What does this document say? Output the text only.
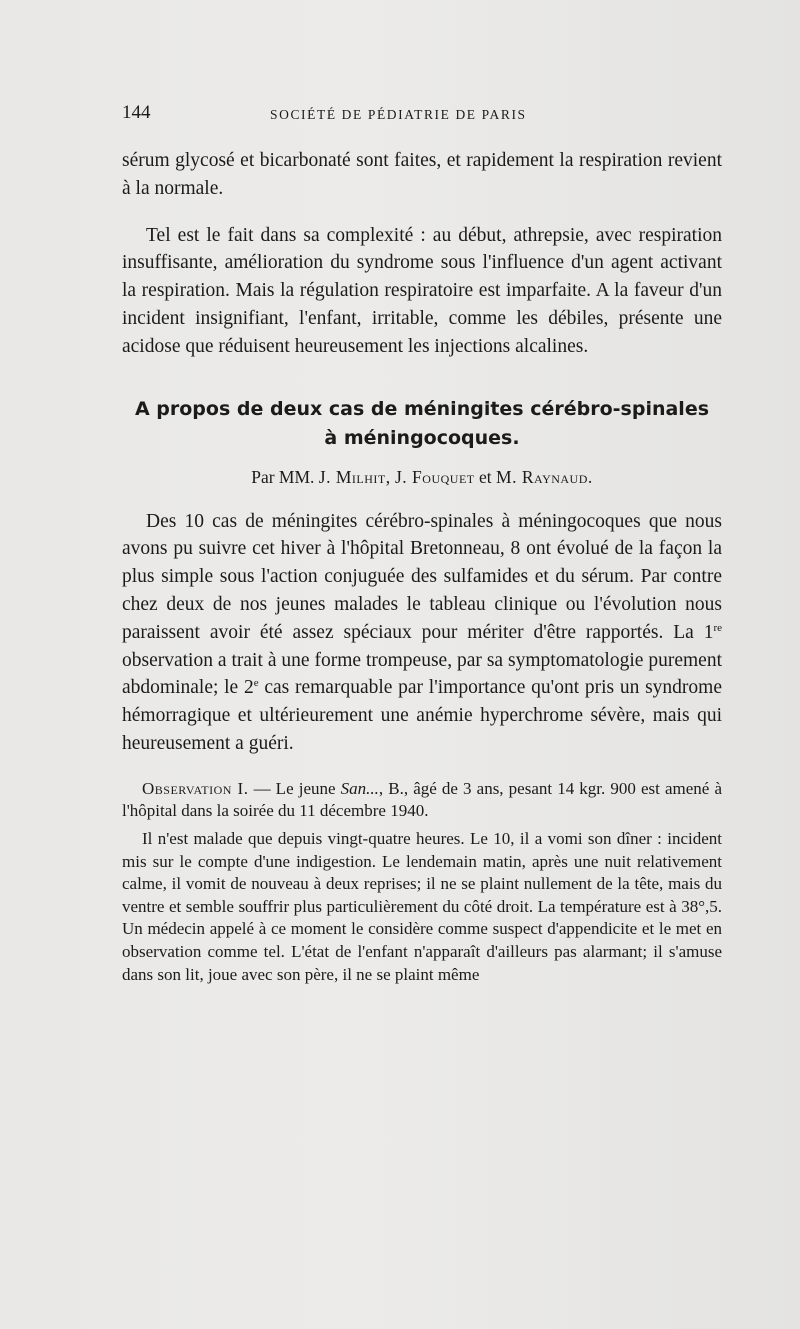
144	SOCIÉTÉ DE PÉDIATRIE DE PARIS

sérum glycosé et bicarbonaté sont faites, et rapidement la respiration revient à la normale.

Tel est le fait dans sa complexité : au début, athrepsie, avec respiration insuffisante, amélioration du syndrome sous l'influence d'un agent activant la respiration. Mais la régulation respiratoire est imparfaite. A la faveur d'un incident insignifiant, l'enfant, irritable, comme les débiles, présente une acidose que réduisent heureusement les injections alcalines.

A propos de deux cas de méningites cérébro-spinales
à méningocoques.
Par MM. J. Milhit, J. Fouquet et M. Raynaud.

Des 10 cas de méningites cérébro-spinales à méningocoques que nous avons pu suivre cet hiver à l'hôpital Bretonneau, 8 ont évolué de la façon la plus simple sous l'action conjuguée des sulfamides et du sérum. Par contre chez deux de nos jeunes malades le tableau clinique ou l'évolution nous paraissent avoir été assez spéciaux pour mériter d'être rapportés. La 1re observation a trait à une forme trompeuse, par sa symptomatologie purement abdominale; le 2e cas remarquable par l'importance qu'ont pris un syndrome hémorragique et ultérieurement une anémie hyperchrome sévère, mais qui heureusement a guéri.

Observation I. — Le jeune San..., B., âgé de 3 ans, pesant 14 kgr. 900 est amené à l'hôpital dans la soirée du 11 décembre 1940.

Il n'est malade que depuis vingt-quatre heures. Le 10, il a vomi son dîner : incident mis sur le compte d'une indigestion. Le lendemain matin, après une nuit relativement calme, il vomit de nouveau à deux reprises; il ne se plaint nullement de la tête, mais du ventre et semble souffrir plus particulièrement du côté droit. La température est à 38°,5. Un médecin appelé à ce moment le considère comme suspect d'appendicite et le met en observation comme tel. L'état de l'enfant n'apparaît d'ailleurs pas alarmant; il s'amuse dans son lit, joue avec son père, il ne se plaint même
